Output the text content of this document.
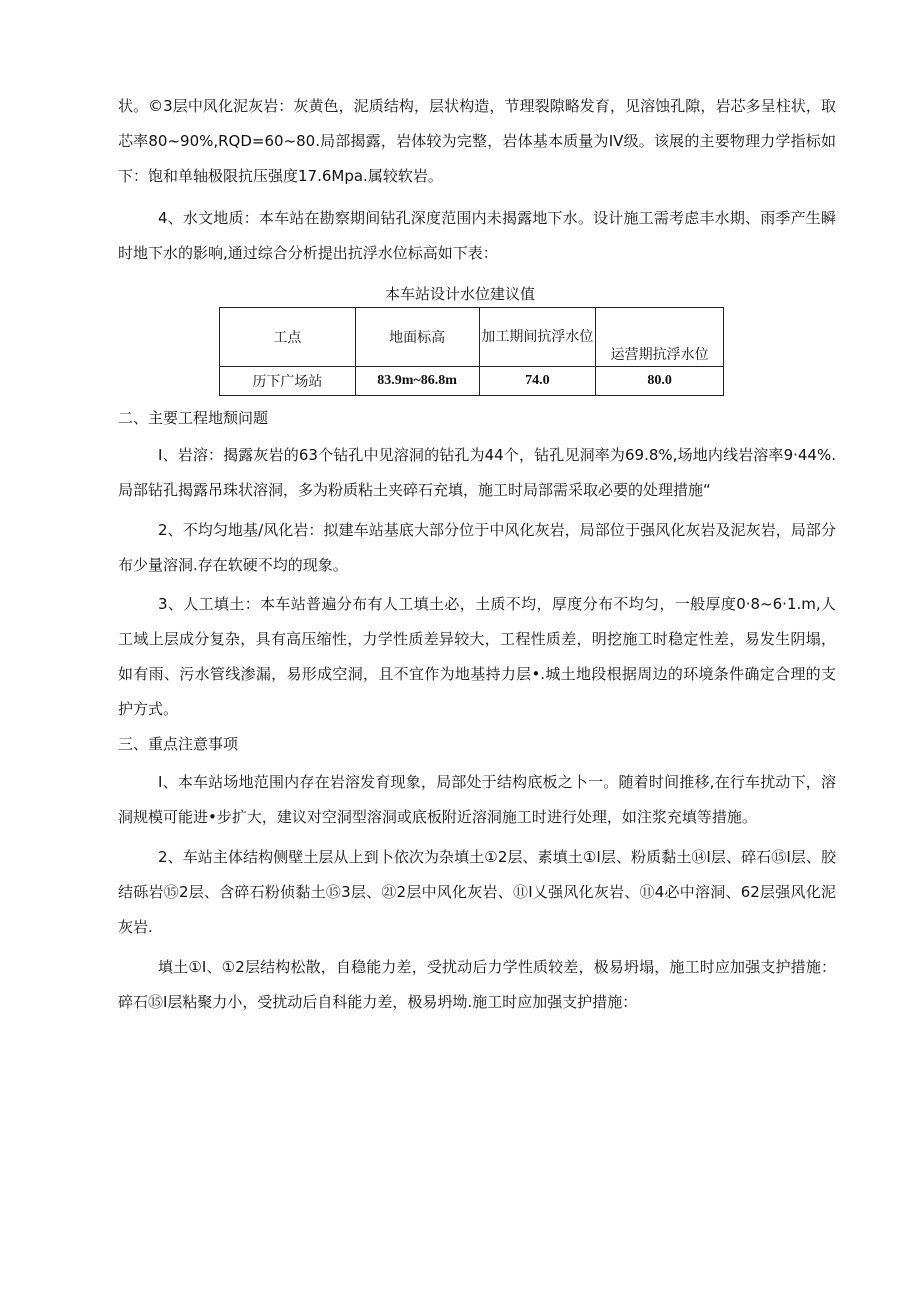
状。©3层中风化泥灰岩：灰黄色，泥质结构，层状构造，节理裂隙略发育，见溶蚀孔隙，岩芯多呈柱状，取芯率80~90%,RQD=60~80.局部揭露，岩体较为完整，岩体基本质量为IV级。该展的主要物理力学指标如下：饱和单轴极限抗压强度17.6Mpa.属较软岩。

4、水文地质：本车站在勘察期间钻孔深度范围内未揭露地下水。设计施工需考虑丰水期、雨季产生瞬时地下水的影响,通过综合分析提出抗浮水位标高如下表：

本车站设计水位建议值

工点	地面标高	加工期间抗浮水位	运营期抗浮水位
历下广场站	83.9m~86.8m	74.0	80.0

二、主要工程地颓问题

I、岩溶：揭露灰岩的63个钻孔中见溶洞的钻孔为44个，钻孔见洞率为69.8%,场地内线岩溶率9·44%.局部钻孔揭露吊珠状溶洞，多为粉质粘土夹碎石充填，施工时局部需采取必要的处理措施“

2、不均匀地基/风化岩：拟建车站基底大部分位于中风化灰岩，局部位于强风化灰岩及泥灰岩，局部分布少量溶洞.存在软硬不均的现象。

3、人工填土：本车站普遍分布有人工填土必，土质不均，厚度分布不均匀，一般厚度0·8~6·1.m,人工域上层成分复杂，具有高压缩性，力学性质差异较大，工程性质差，明挖施工时稳定性差，易发生阴塌，如有雨、污水管线渗漏，易形成空洞，且不宜作为地基持力层•.城土地段根据周边的环境条件确定合理的支护方式。

三、重点注意事项

I、本车站场地范围内存在岩溶发育现象，局部处于结构底板之卜一。随着时间推移,在行车扰动下，溶洞规模可能进•步扩大，建议对空洞型溶洞或底板附近溶洞施工时进行处理，如注浆充填等措施。

2、车站主体结构侧壁土层从上到卜依次为杂填土①2层、素填土①I层、粉质黏土⑭I层、碎石⑮I层、胶结砾岩⑮2层、含碎石粉侦黏土⑮3层、㉑2层中风化灰岩、⑪I乂强风化灰岩、⑪4必中溶洞、62层强风化泥灰岩.

填土①I、①2层结构松散，自稳能力差，受扰动后力学性质较差，极易坍塌，施工时应加强支护措施：碎石⑮I层粘聚力小，受扰动后自科能力差，极易坍坳.施工时应加强支护措施：
